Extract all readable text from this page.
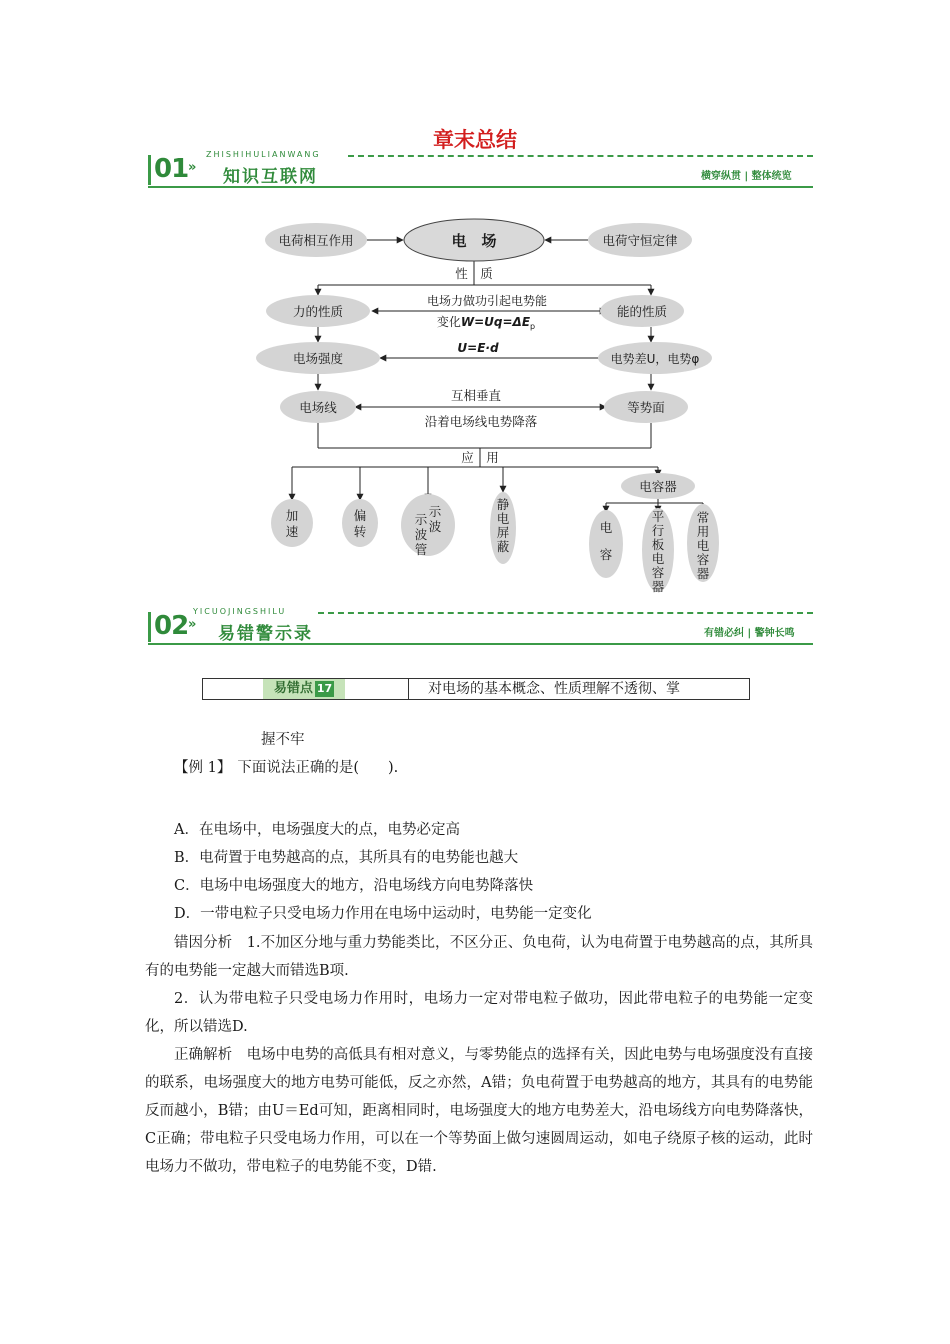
章末总结
01 »
ZHISHIHULIANWANG
知识互联网	横穿纵贯 | 整体统览
电荷相互作用	电　场	电荷守恒定律
性　质
力的性质	能的性质
电场力做功引起电势能
变化$W=Uq=\Delta E_p$
电场强度
U=E·d
电势差U，电势φ
电场线	等势面
互相垂直
沿着电场线电势降落
应　用
电容器
加速
偏转
示波管示波
静电屏蔽
电容
平行板电容器
常用电容器
02 »
YICUOJINGSHILU
易错警示录	有错必纠 | 警钟长鸣
易错点 17	对电场的基本概念、性质理解不透彻、掌
握不牢
【例 1】 下面说法正确的是(　　).

A．在电场中，电场强度大的点，电势必定高

B．电荷置于电势越高的点，其所具有的电势能也越大

C．电场中电场强度大的地方，沿电场线方向电势降落快

D．一带电粒子只受电场力作用在电场中运动时，电势能一定变化

错因分析　1.不加区分地与重力势能类比，不区分正、负电荷，认为电荷置于电势越高的点，其所具有的电势能一定越大而错选B项.

2．认为带电粒子只受电场力作用时，电场力一定对带电粒子做功，因此带电粒子的电势能一定变化，所以错选D.

正确解析　电场中电势的高低具有相对意义，与零势能点的选择有关，因此电势与电场强度没有直接的联系，电场强度大的地方电势可能低，反之亦然，A错；负电荷置于电势越高的地方，其具有的电势能反而越小，B错；由U＝Ed可知，距离相同时，电场强度大的地方电势差大，沿电场线方向电势降落快，C正确；带电粒子只受电场力作用，可以在一个等势面上做匀速圆周运动，如电子绕原子核的运动，此时电场力不做功，带电粒子的电势能不变，D错.
